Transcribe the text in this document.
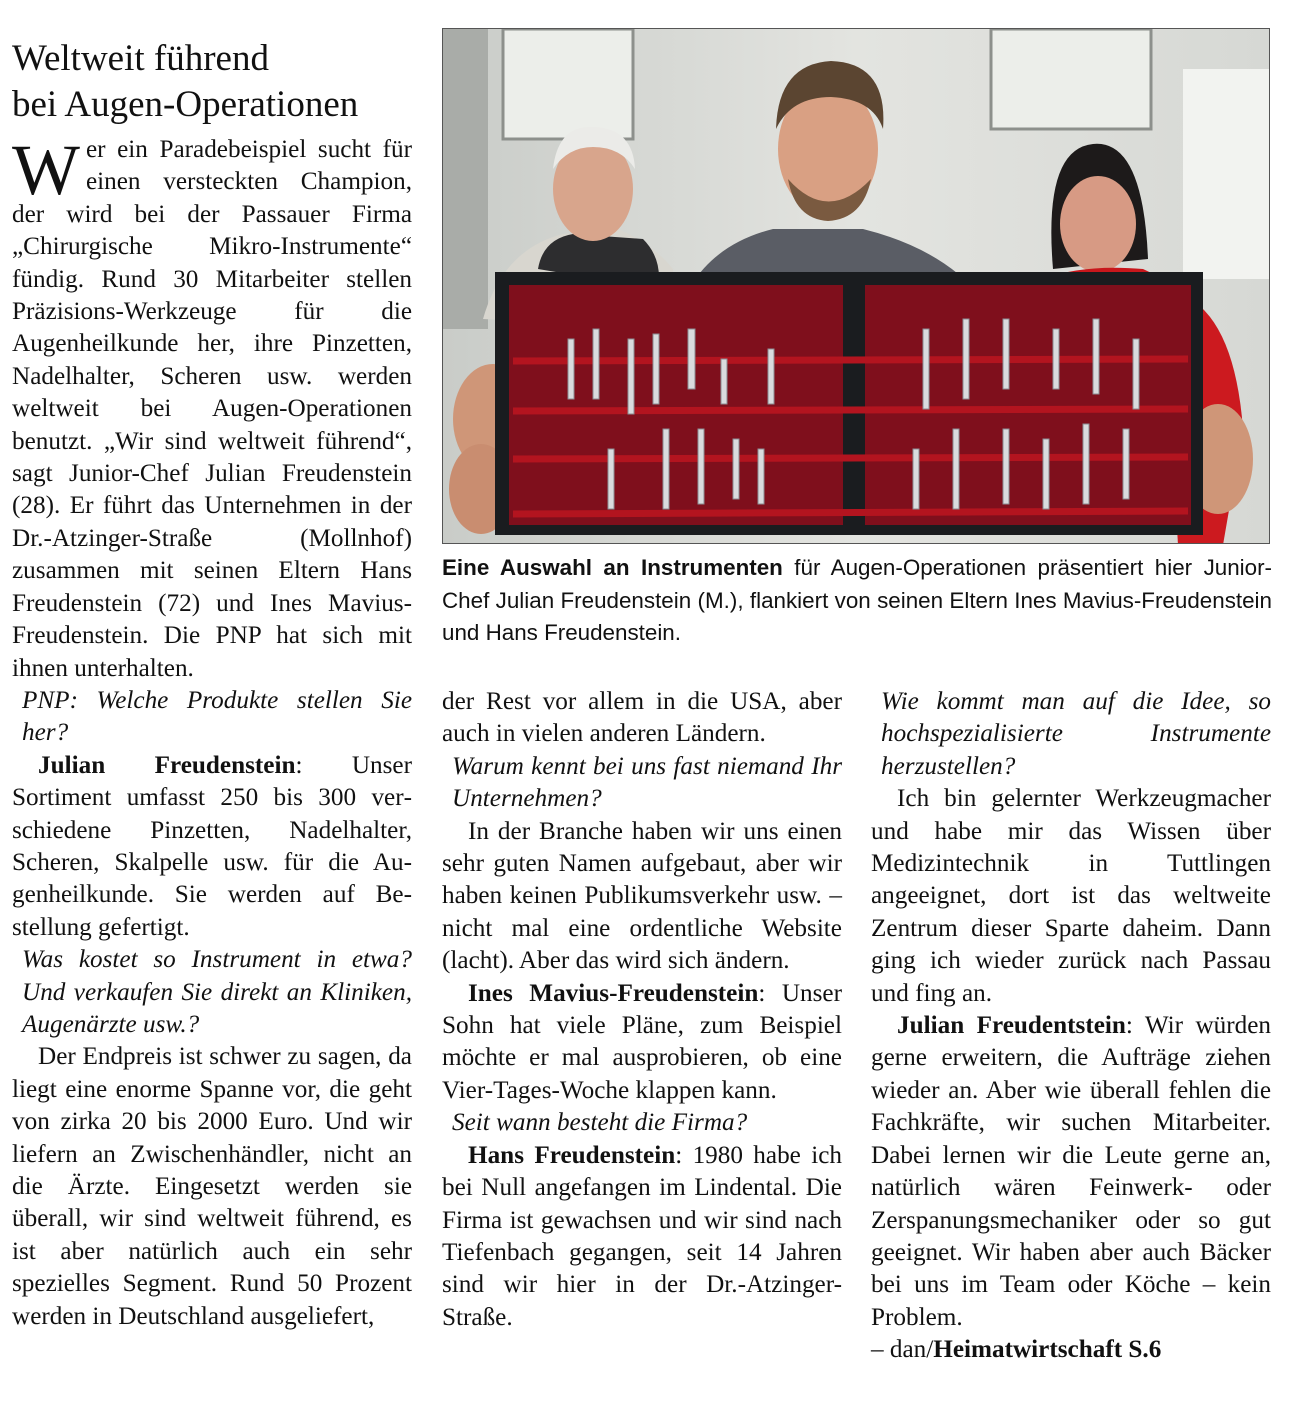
Weltweit führend
bei Augen-Operationen

Eine Auswahl an Instrumenten für Augen-Operationen präsentiert hier Junior-Chef Julian Freudenstein (M.), flankiert von seinen Eltern Ines Mavius-Freudenstein und Hans Freudenstein.

Wer ein Paradebeispiel sucht für einen versteckten Champion, der wird bei der Passauer Firma „Chirurgische Mikro-Instrumente“ fündig. Rund 30 Mitarbeiter stellen Präzisions-Werkzeuge für die Augenheilkunde her, ihre Pinzetten, Nadelhalter, Scheren usw. werden weltweit bei Augen-Operationen benutzt. „Wir sind weltweit führend“, sagt Junior-Chef Julian Freudenstein (28). Er führt das Unternehmen in der Dr.-Atzinger-Straße (Mollnhof) zusammen mit seinen Eltern Hans Freudenstein (72) und Ines Mavius-Freudenstein. Die PNP hat sich mit ihnen unterhalten.

PNP: Welche Produkte stellen Sie her?

Julian Freudenstein: Unser Sortiment umfasst 250 bis 300 verschiedene Pinzetten, Nadelhalter, Scheren, Skalpelle usw. für die Augenheilkunde. Sie werden auf Bestellung gefertigt.

Was kostet so Instrument in etwa? Und verkaufen Sie direkt an Kliniken, Augenärzte usw.?

Der Endpreis ist schwer zu sagen, da liegt eine enorme Spanne vor, die geht von zirka 20 bis 2000 Euro. Und wir liefern an Zwischenhändler, nicht an die Ärzte. Eingesetzt werden sie überall, wir sind weltweit führend, es ist aber natürlich auch ein sehr spezielles Segment. Rund 50 Prozent werden in Deutschland ausgeliefert,

der Rest vor allem in die USA, aber auch in vielen anderen Ländern.

Warum kennt bei uns fast niemand Ihr Unternehmen?

In der Branche haben wir uns einen sehr guten Namen aufgebaut, aber wir haben keinen Publikumsverkehr usw. – nicht mal eine ordentliche Website (lacht). Aber das wird sich ändern.

Ines Mavius-Freudenstein: Unser Sohn hat viele Pläne, zum Beispiel möchte er mal ausprobieren, ob eine Vier-Tages-Woche klappen kann.

Seit wann besteht die Firma?

Hans Freudenstein: 1980 habe ich bei Null angefangen im Lindental. Die Firma ist gewachsen und wir sind nach Tiefenbach gegangen, seit 14 Jahren sind wir hier in der Dr.-Atzinger-Straße.

Wie kommt man auf die Idee, so hochspezialisierte Instrumente herzustellen?

Ich bin gelernter Werkzeugmacher und habe mir das Wissen über Medizintechnik in Tuttlingen angeeignet, dort ist das weltweite Zentrum dieser Sparte daheim. Dann ging ich wieder zurück nach Passau und fing an.

Julian Freudentstein: Wir würden gerne erweitern, die Aufträge ziehen wieder an. Aber wie überall fehlen die Fachkräfte, wir suchen Mitarbeiter. Dabei lernen wir die Leute gerne an, natürlich wären Feinwerk- oder Zerspanungsmechaniker oder so gut geeignet. Wir haben aber auch Bäcker bei uns im Team oder Köche – kein Problem.

– dan/Heimatwirtschaft S.6
